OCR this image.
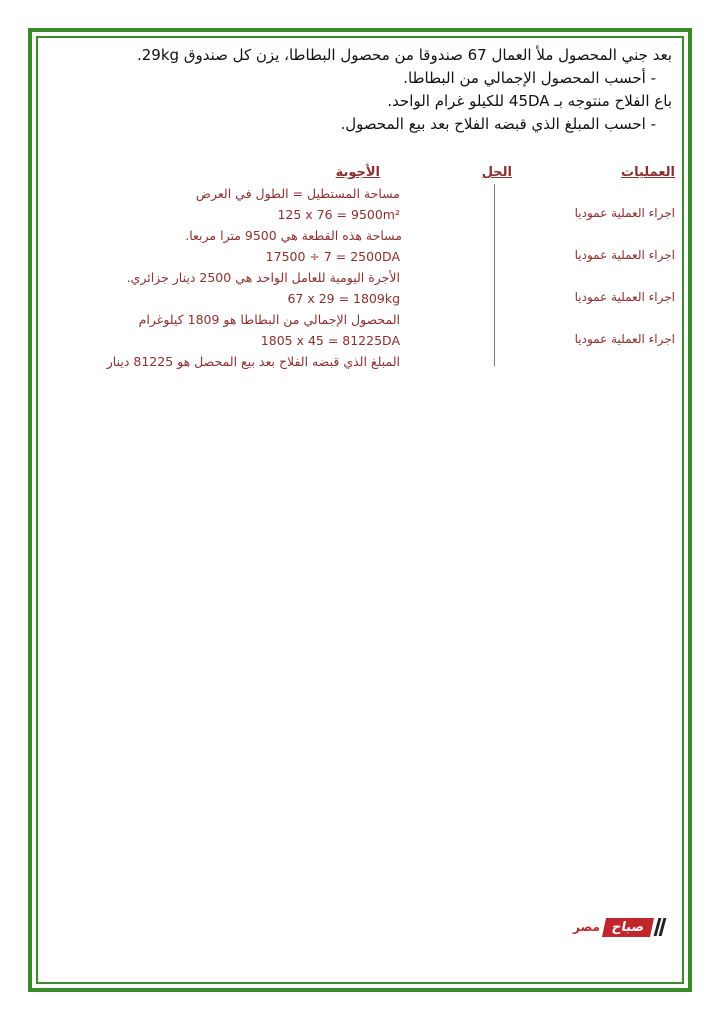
بعد جني المحصول ملأ العمال 67 صندوقا من محصول البطاطا، يزن كل صندوق 29kg.

- أحسب المحصول الإجمالي من البطاطا.

باع الفلاح منتوجه بـ 45DA للكيلو غرام الواحد.

- احسب المبلغ الذي قبضه الفلاح بعد بيع المحصول.

العمليات
الحل
الأجوبة
اجراء العملية عموديا
اجراء العملية عموديا
اجراء العملية عموديا
اجراء العملية عموديا
مساحة المستطيل = الطول في العرض
125 x 76 = 9500m²
مساحة هذه القطعة هي 9500 مترا مربعا.
17500 ÷ 7 = 2500DA
الأجرة اليومية للعامل الواحد هي 2500 دينار جزائري.
67 x 29 = 1809kg
المحصول الإجمالي من البطاطا هو 1809 كيلوغرام
1805 x 45 = 81225DA
المبلغ الذي قبضه الفلاح بعد بيع المحصل هو 81225 دينار
صباح
مصر
